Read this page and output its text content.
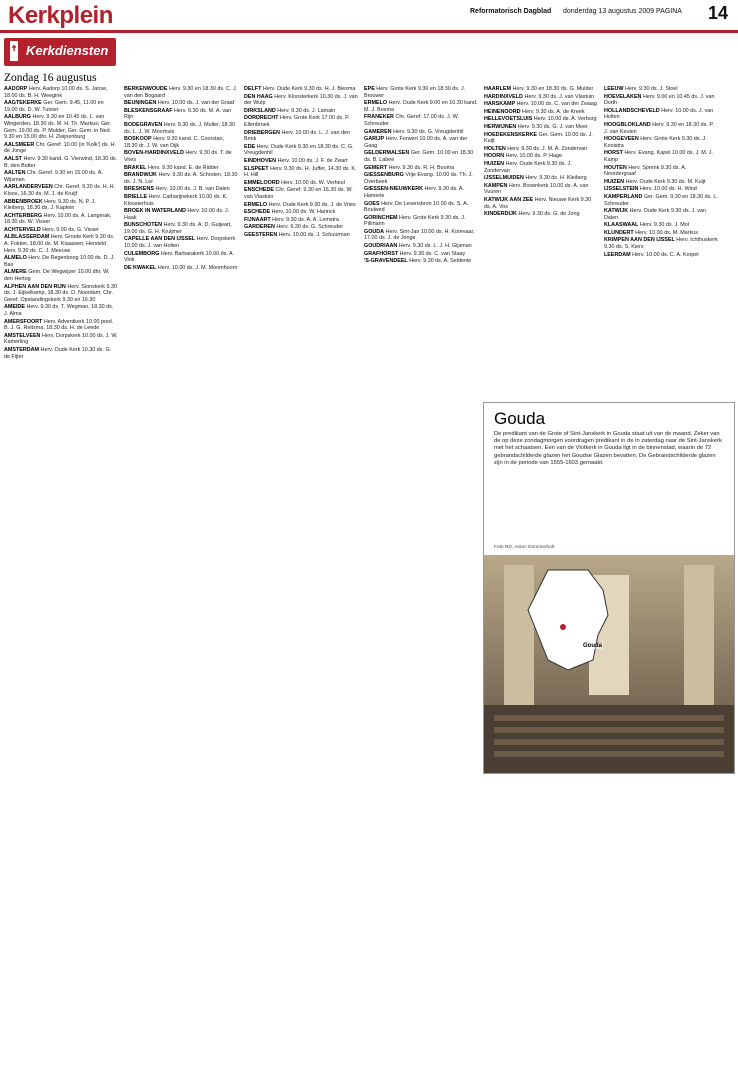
Kerkplein	Reformatorisch Dagblad donderdag 13 augustus 2009 PAGINA 14
Kerkdiensten
Zondag 16 augustus

AADORP Herv. Aadorp 10.00 ds. S. Janse, 18.00 ds. B. H. Weegink

AAGTEKERKE Ger. Gem. 9.45, 11.00 en 19.00 ds. D. W. Tuinier

AALBURG Herv. 9.30 en 10.45 ds. L. van Wingerden, 18.30 ds. M. H. Th. Markus; Ger. Gem. 19.00 ds. P. Mulder; Ger. Gem. in Ned. 9.30 en 15.00 dhr. H. Zwijnenburg

AALSMEER Chr. Geref. 10.00 (in 'Kolk') ds. H. de Jonge

AALST Herv. 9.30 kand. G. Vierwind, 18.30 ds. B. den Butter

AALTEN Chr. Geref. 9.30 en 15.00 ds. A. Wijsman

AARLANDERVEEN Chr. Geref. 9.30 ds. H. H. Kloos, 16.30 ds. M. J. de Kruijf

ABBENBROEK Herv. 9.30 ds. N. P. J. Kleiberg, 18.30 ds. J. Kaptein

ACHTERBERG Herv. 10.00 ds. A. Langerak, 18.30 ds. W. Visser

ACHTERVELD Herv. 9.00 ds. G. Visser

ALBLASSERDAM Herv. Groote Kerk 9.30 ds. A. Fokker, 18.00 ds. M. Klaassen; Hersteld Herv. 9.30 ds. C. J. Meeuse

ALMELO Herv. De Regenboog 10.00 ds. D. J. Bax

ALMERE Gem. De Wegwijzer 10.00 dhr. W. den Hertog

ALPHEN AAN DEN RIJN Herv. Sionskerk 9.30 ds. J. Eijkelkamp, 18.30 ds. D. Noordam; Chr. Geref. Opstandingskerk 9.30 en 16.30

AMEIDE Herv. 9.30 ds. T. Wegman, 18.30 ds. J. Alma

AMERSFOORT Herv. Adventkerk 10.00 pred. B. J. G. Reitsma, 18.30 ds. H. de Leede

AMSTELVEEN Herv. Dorpskerk 10.00 ds. J. W. Kamerling

AMSTERDAM Herv. Oude Kerk 10.30 ds. G. de Fijter

BERKENWOUDE Herv. 9.30 en 18.30 ds. C. J. van den Bogaard

BEUNINGEN Herv. 10.00 ds. J. van der Graaf

BLESKENSGRAAF Herv. 9.30 ds. M. A. van Rijn

BODEGRAVEN Herv. 9.30 ds. J. Muller, 18.30 ds. L. J. W. Moorhuis

BOSKOOP Herv. 9.30 kand. C. Coorstan, 18.30 dr. J. W. van Dijk

BOVEN-HARDINXVELD Herv. 9.30 ds. T. de Vries

BRAKEL Herv. 9.30 kand. E. de Ridder

BRANDWIJK Herv. 9.30 ds. A. Schroten, 18.30 ds. J. N. Lor

BRESKENS Herv. 10.00 ds. J. B. van Dalen

BRIELLE Herv. Catharijnekerk 10.00 ds. K. Kloosterhuis

BROEK IN WATERLAND Herv. 10.00 ds. J. Haak

BUNSCHOTEN Herv. 9.30 ds. A. D. Guijeart, 19.00 ds. G. H. Kruijmer

CAPELLE AAN DEN IJSSEL Herv. Dorpskerk 10.00 ds. J. van Holten

CULEMBORG Herv. Barbarakerk 10.00 ds. A. Vink

DE KWAKEL Herv. 10.00 ds. J. M. Moomhoorn

DELFT Herv. Oude Kerk 9.30 ds. H. J. Biesma

DEN HAAG Herv. Kloosterkerk 10.30 ds. J. van der Wulp

DIRKSLAND Herv. 9.30 ds. J. Lamain

DORDRECHT Herv. Grote Kerk 17.00 ds. P. Ellenbroek

DRIEBERGEN Herv. 10.00 ds. L. J. van den Brink

EDE Herv. Oude Kerk 9.30 en 18.30 ds. C. G. Vreugdenhil

EINDHOVEN Herv. 10.00 ds. J. F. de Zwart

ELSPEET Herv. 9.30 ds. H. Juffer, 14.30 ds. K. H. Hill

EMMELOORD Herv. 10.00 ds. W. Verheul

ENSCHEDE Chr. Geref. 9.30 en 16.30 ds. W. van Vlastuin

ERMELO Herv. Oude Kerk 9.30 ds. J. de Vries

ESCHEDE Herv. 10.00 ds. W. Harinck

FIJNAART Herv. 9.30 ds. A. A. Lemstra

GARDEREN Herv. 9.30 ds. G. Schreuder

GEESTEREN Herv. 10.00 ds. J. Schuurman

EPE Herv. Grote Kerk 9.30 en 18.30 ds. J. Brouwer

ERMELO Herv. Oude Kerk 9.00 en 10.30 kand. M. J. Bosma

FRANEKER Chr. Geref. 17.00 ds. J. W. Schreuder

GAMEREN Herv. 9.30 ds. G. Vreugdenhil

GARIJP Herv. Ferwert 10.00 ds. A. van der Gaag

GELDERMALSEN Ger. Gem. 10.00 en 18.30 ds. B. Labee

GEMERT Herv. 9.30 ds. R. H. Bouma

GIESSENBURG Vrije Evang. 10.00 ds. Th. J. Overbeek

GIESSEN-NIEUWKERK Herv. 9.30 ds. A. Hamerie

GOES Herv. De Levensbron 10.00 ds. S. A. Boulwed

GORINCHEM Herv. Grote Kerk 9.30 ds. J. Pillmann

GOUDA Herv. Sint-Jan 10.00 ds. H. Korevaar, 17.00 ds. J. de Jonge

GOUDRIAAN Herv. 9.30 ds. L. J. H. Gijsman

GRAFHORST Herv. 9.30 ds. C. van Staay

'S-GRAVENDEEL Herv. 9.30 ds. A. Seldenie

HAARLEM Herv. 9.30 en 18.30 ds. G. Mulder

HARDINXVELD Herv. 9.30 ds. J. van Vlastuin

HARSKAMP Herv. 10.00 ds. C. van der Zwaag

HEINENOORD Herv. 9.30 ds. A. de Kreek

HELLEVOETSLUIS Herv. 10.00 ds. A. Verburg

HERWIJNEN Herv. 9.30 ds. G. J. van Meer

HOEDEKENSKERKE Ger. Gem. 10.00 ds. J. Kuijt

HOLTEN Herv. 9.30 ds. J. M. A. Zondervan

HOORN Herv. 10.00 ds. P. Hage

HUIZEN Herv. Oude Kerk 9.30 ds. J. Zondervan

IJSSELMUIDEN Herv. 9.30 ds. H. Kleiberg

KAMPEN Herv. Bovenkerk 10.00 ds. A. van Vuuren

KATWIJK AAN ZEE Herv. Nieuwe Kerk 9.30 ds. A. Vos

KINDERDIJK Herv. 9.30 ds. G. de Jong

LEEUW Herv. 9.30 ds. J. Stoel

HOEVELAKEN Herv. 9.00 en 10.45 ds. J. van Dorth

HOLLANDSCHEVELD Herv. 10.00 ds. J. van Holten

HOOGBLOKLAND Herv. 9.30 en 18.30 ds. P. J. van Keulen

HOOGEVEEN Herv. Grote Kerk 9.30 ds. J. Kooistra

HORST Herv. Evang. Kapel 10.00 ds. J. M. J. Kamp

HOUTEN Herv. Sprenk 9.30 ds. A. Noordergraaf

HUIZEN Herv. Oude Kerk 9.30 ds. M. Kuijt

IJSSELSTEIN Herv. 10.00 ds. H. Wind

KAMPERLAND Ger. Gem. 9.30 en 18.30 ds. L. Schreuder

KATWIJK Herv. Oude Kerk 9.30 ds. J. van Dalen

KLAASWAAL Herv. 9.30 ds. J. Mol

KLUNDERT Herv. 10.00 ds. M. Markus

KRIMPEN AAN DEN IJSSEL Herv. Ichthuskerk 9.30 ds. S. Kiers

LEERDAM Herv. 10.00 ds. C. A. Korpel

Gouda
De predikant van de Grote of Sint-Janskerk in Gouda staat uit van de maand. Zeker van de op deze zondagmorgen voordragen predikant in de in zaterdag naar de Sint-Janskerk met het schaatsen. Een van de Vlotkerk in Gouda ligt in de binnenstad, waarin de 72 gebrandschilderde glazen het Goudse Glazen bevatten. De Gebrandschilderde glazen zijn in de periode van 1555-1603 gemaakt.
Foto RD, Anton Dommerholt
Gouda
